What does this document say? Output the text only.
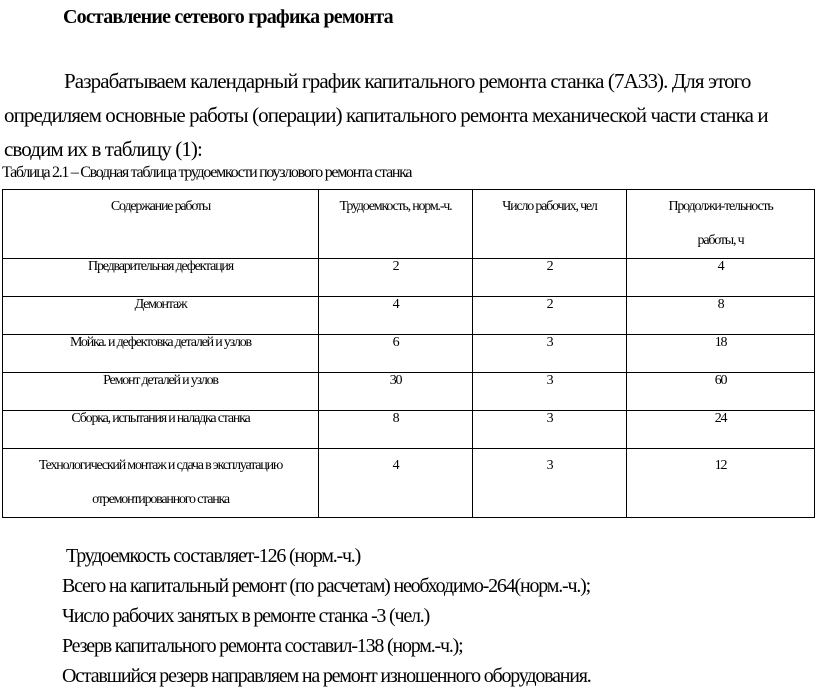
Составление сетевого графика ремонта
Разрабатываем календарный график капитального ремонта станка (7А33). Для этого опредиляем основные работы (операции) капитального ремонта механической части станка и сводим их в таблицу (1):
Таблица 2.1 – Сводная таблица трудоемкости поузлового ремонта станка
Содержание работы	Трудоемкость, норм.-ч.	Число рабочих, чел	Продолжи-тельность работы, ч
Предварительная дефектация	2	2	4
Демонтаж	4	2	8
Мойка. и дефектовка деталей и узлов	6	3	18
Ремонт деталей и узлов	30	3	60
Сборка, испытания и наладка станка	8	3	24
Технологический монтаж и сдача в эксплуатацию отремонтированного станка	4	3	12
Трудоемкость составляет-126 (норм.-ч.)
Всего на капитальный ремонт (по расчетам) необходимо-264(норм.-ч.);
Число рабочих занятых в ремонте станка -3 (чел.)
Резерв капитального ремонта составил-138 (норм.-ч.);
Оставшийся резерв направляем на ремонт изношенного оборудования.
